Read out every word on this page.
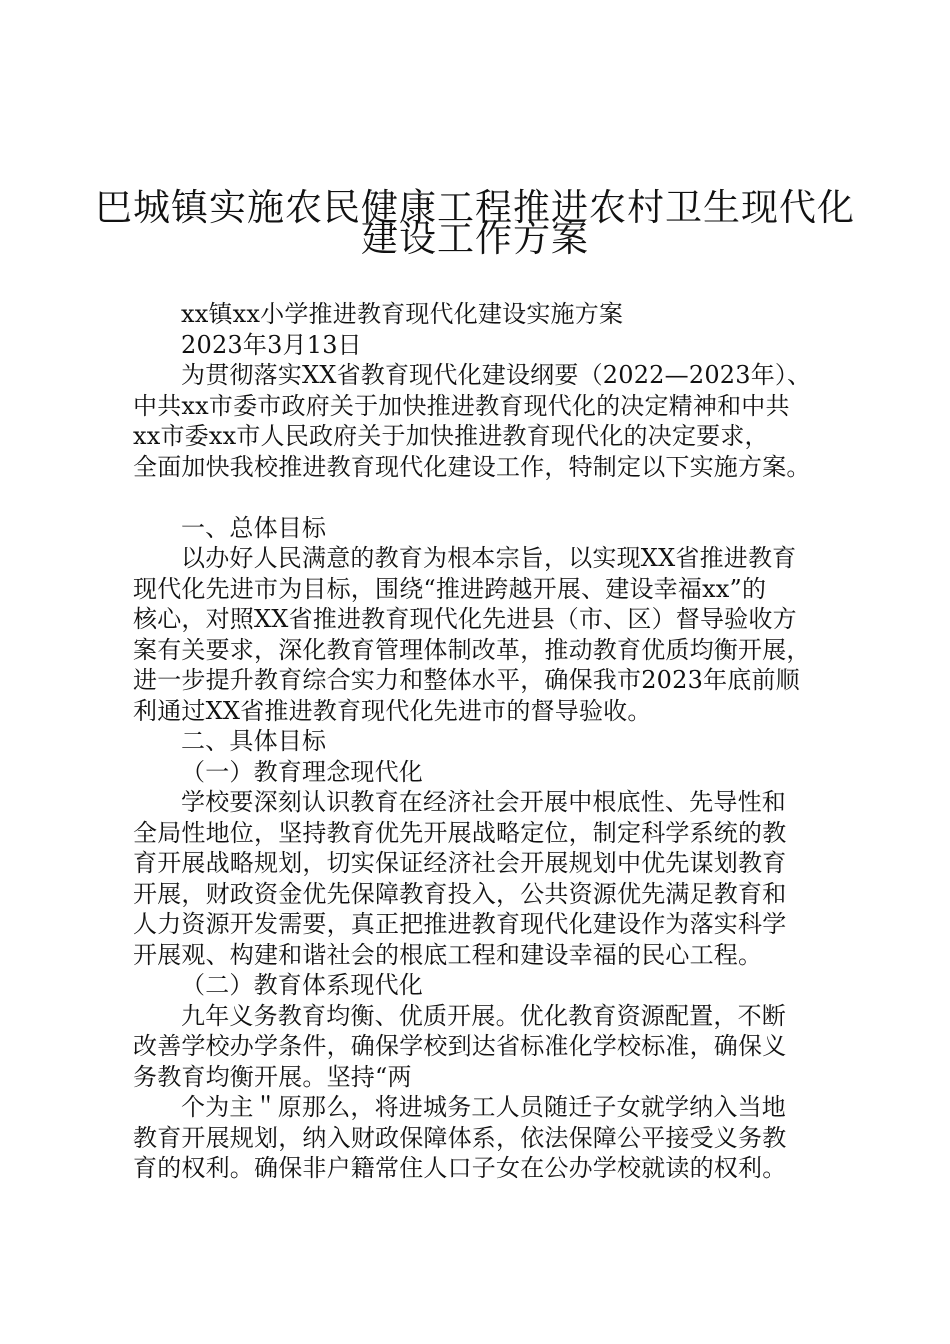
巴城镇实施农民健康工程推进农村卫生现代化
建设工作方案
xx镇xx小学推进教育现代化建设实施方案
2023年3月13日
为贯彻落实XX省教育现代化建设纲要（2022—2023年）、
中共xx市委市政府关于加快推进教育现代化的决定精神和中共
xx市委xx市人民政府关于加快推进教育现代化的决定要求，
全面加快我校推进教育现代化建设工作，特制定以下实施方案。
一、总体目标
以办好人民满意的教育为根本宗旨，以实现XX省推进教育
现代化先进市为目标，围绕“推进跨越开展、建设幸福xx”的
核心，对照XX省推进教育现代化先进县（市、区）督导验收方
案有关要求，深化教育管理体制改革，推动教育优质均衡开展，
进一步提升教育综合实力和整体水平，确保我市2023年底前顺
利通过XX省推进教育现代化先进市的督导验收。
二、具体目标
（一）教育理念现代化
学校要深刻认识教育在经济社会开展中根底性、先导性和
全局性地位，坚持教育优先开展战略定位，制定科学系统的教
育开展战略规划，切实保证经济社会开展规划中优先谋划教育
开展，财政资金优先保障教育投入，公共资源优先满足教育和
人力资源开发需要，真正把推进教育现代化建设作为落实科学
开展观、构建和谐社会的根底工程和建设幸福的民心工程。
（二）教育体系现代化
九年义务教育均衡、优质开展。优化教育资源配置，不断
改善学校办学条件，确保学校到达省标准化学校标准，确保义
务教育均衡开展。坚持“两
个为主＂原那么，将进城务工人员随迁子女就学纳入当地
教育开展规划，纳入财政保障体系，依法保障公平接受义务教
育的权利。确保非户籍常住人口子女在公办学校就读的权利。
